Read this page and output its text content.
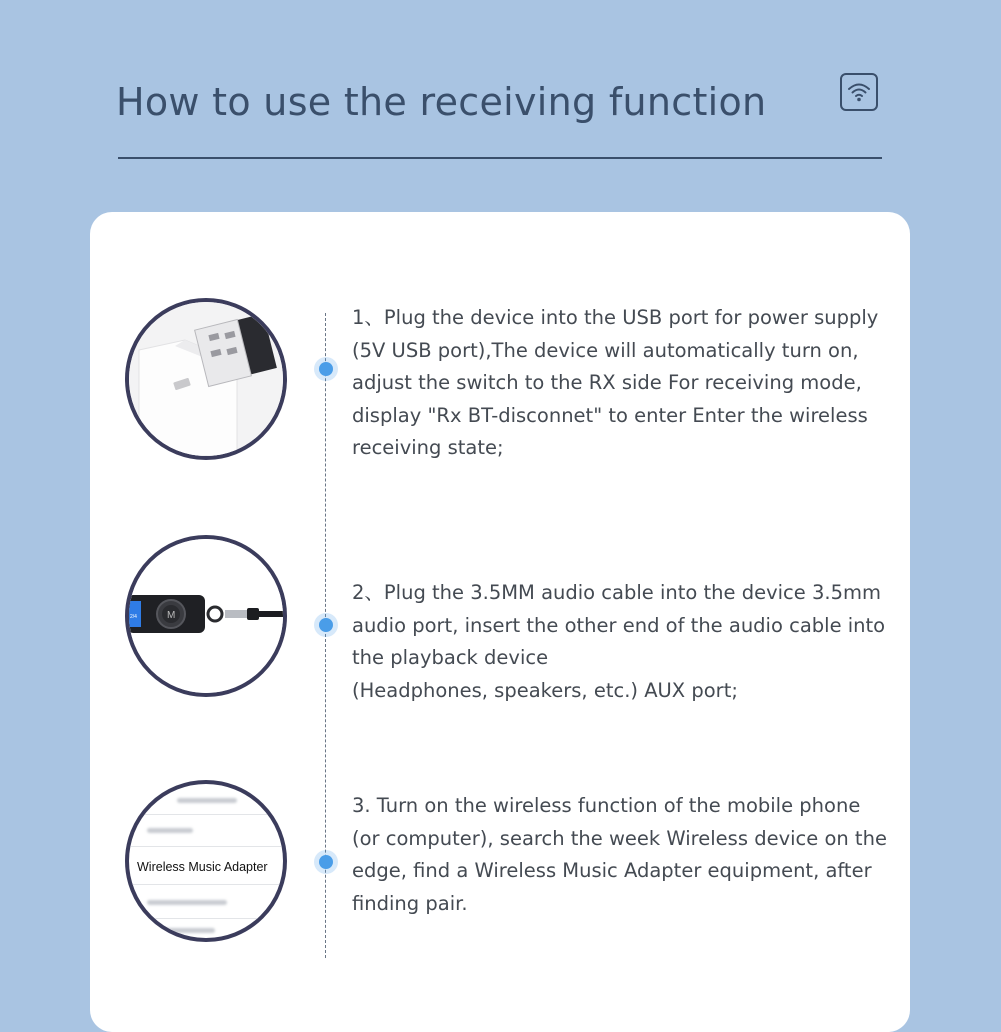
How to use the receiving function
2/4	M
Wireless Music Adapter
1、Plug the device into the USB port for power supply (5V USB port),The device will automatically turn on, adjust the switch to the RX side For receiving mode, display "Rx BT-disconnet" to enter Enter the wireless receiving state;
2、Plug the 3.5MM audio cable into the device 3.5mm audio port, insert the other end of the audio cable into the playback device
(Headphones, speakers, etc.) AUX port;
3. Turn on the wireless function of the mobile phone (or computer), search the week Wireless device on the edge, find a Wireless Music Adapter equipment, after finding pair.
